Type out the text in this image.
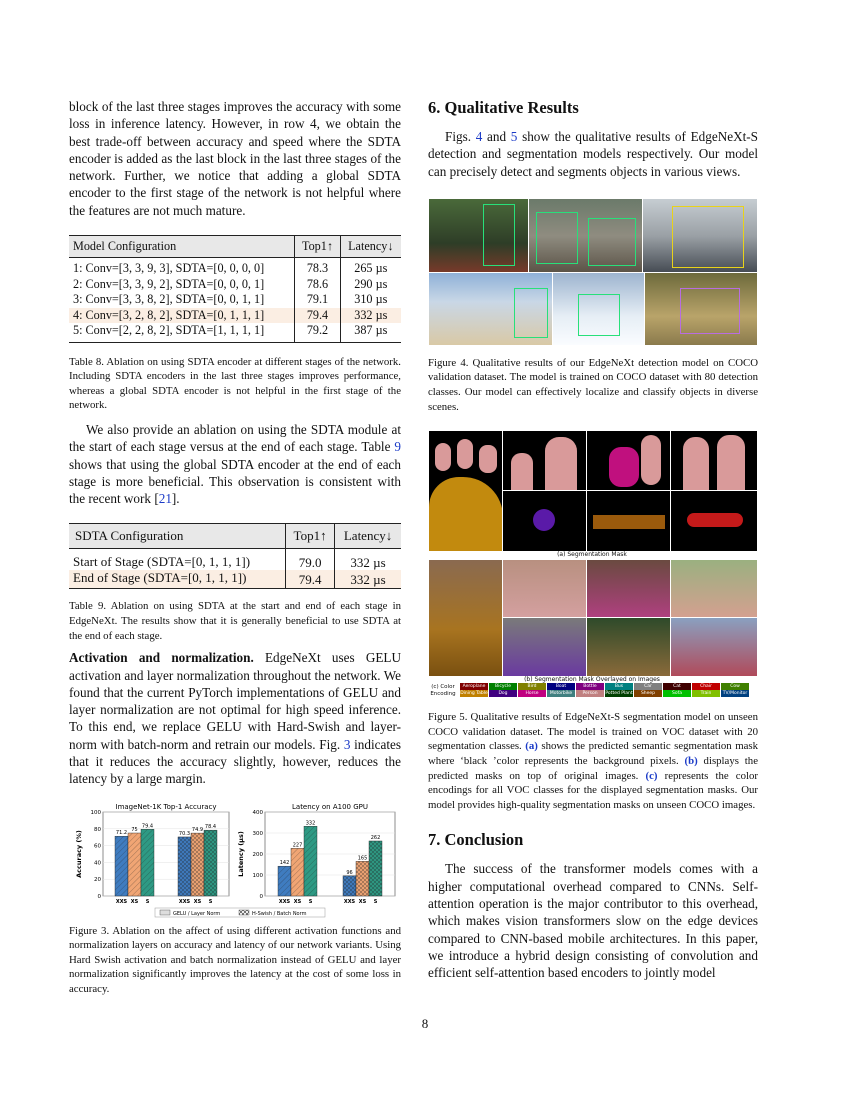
block of the last three stages improves the accuracy with some loss in inference latency. However, in row 4, we obtain the best trade-off between accuracy and speed where the SDTA encoder is added as the last block in the last three stages of the network. Further, we notice that adding a global SDTA encoder to the first stage of the network is not helpful where the features are not much mature.

Model Configuration	Top1↑	Latency↓
1: Conv=[3, 3, 9, 3], SDTA=[0, 0, 0, 0]	78.3	265 µs
2: Conv=[3, 3, 9, 2], SDTA=[0, 0, 0, 1]	78.6	290 µs
3: Conv=[3, 3, 8, 2], SDTA=[0, 0, 1, 1]	79.1	310 µs
4: Conv=[3, 2, 8, 2], SDTA=[0, 1, 1, 1]	79.4	332 µs
5: Conv=[2, 2, 8, 2], SDTA=[1, 1, 1, 1]	79.2	387 µs

Table 8. Ablation on using SDTA encoder at different stages of the network. Including SDTA encoders in the last three stages improves performance, whereas a global SDTA encoder is not helpful in the first stage of the network.

We also provide an ablation on using the SDTA module at the start of each stage versus at the end of each stage. Table 9 shows that using the global SDTA encoder at the end of each stage is more beneficial. This observation is consistent with the recent work [21].

SDTA Configuration	Top1↑	Latency↓
Start of Stage (SDTA=[0, 1, 1, 1])	79.0	332 µs
End of Stage (SDTA=[0, 1, 1, 1])	79.4	332 µs

Table 9. Ablation on using SDTA at the start and end of each stage in EdgeNeXt. The results show that it is generally beneficial to use SDTA at the end of each stage.

Activation and normalization. EdgeNeXt uses GELU activation and layer normalization throughout the network. We found that the current PyTorch implementations of GELU and layer normalization are not optimal for high speed inference. To this end, we replace GELU with Hard-Swish and layer-norm with batch-norm and retrain our models. Fig. 3 indicates that it reduces the accuracy slightly, however, reduces the latency by a large margin.

ImageNet-1K Top-1 Accuracy
Accuracy (%)
0
20
40
60
80
100
71.2
XXS
75
XS
79.4
S
70.3
XXS
74.9
XS
78.4
S
Latency on A100 GPU
Latency (µs)
0
100
200
300
400
142
XXS
227
XS
332
S
96
XXS
165
XS
262
S
GELU / Layer Norm	H-Swish / Batch Norm

Figure 3. Ablation on the affect of using different activation functions and normalization layers on accuracy and latency of our network variants. Using Hard Swish activation and batch normalization instead of GELU and layer normalization significantly improves the latency at the cost of some loss in accuracy.

6. Qualitative Results

Figs. 4 and 5 show the qualitative results of EdgeNeXt-S detection and segmentation models respectively. Our model can precisely detect and segments objects in various views.

Figure 4. Qualitative results of our EdgeNeXt detection model on COCO validation dataset. The model is trained on COCO dataset with 80 detection classes. Our model can effectively localize and classify objects in diverse scenes.

(a) Segmentation Mask
(b) Segmentation Mask Overlayed on Images
(c) Color Encoding
Aeroplane Bicycle	Bird	Boat	Bottle	Bus	Car	Cat	Chair	Cow
Dining Table Dog	Horse	Motorbike Person Potted Plant Sheep	Sofa	Train	TV/Monitor

Figure 5. Qualitative results of EdgeNeXt-S segmentation model on unseen COCO validation dataset. The model is trained on VOC dataset with 20 segmentation classes. (a) shows the predicted semantic segmentation mask where ‘black ’color represents the background pixels. (b) displays the predicted masks on top of original images. (c) represents the color encodings for all VOC classes for the displayed segmentation masks. Our model provides high-quality segmentation masks on unseen COCO images.

7. Conclusion

The success of the transformer models comes with a higher computational overhead compared to CNNs. Self-attention operation is the major contributor to this overhead, which makes vision transformers slow on the edge devices compared to CNN-based mobile architectures. In this paper, we introduce a hybrid design consisting of convolution and efficient self-attention based encoders to jointly model

8
